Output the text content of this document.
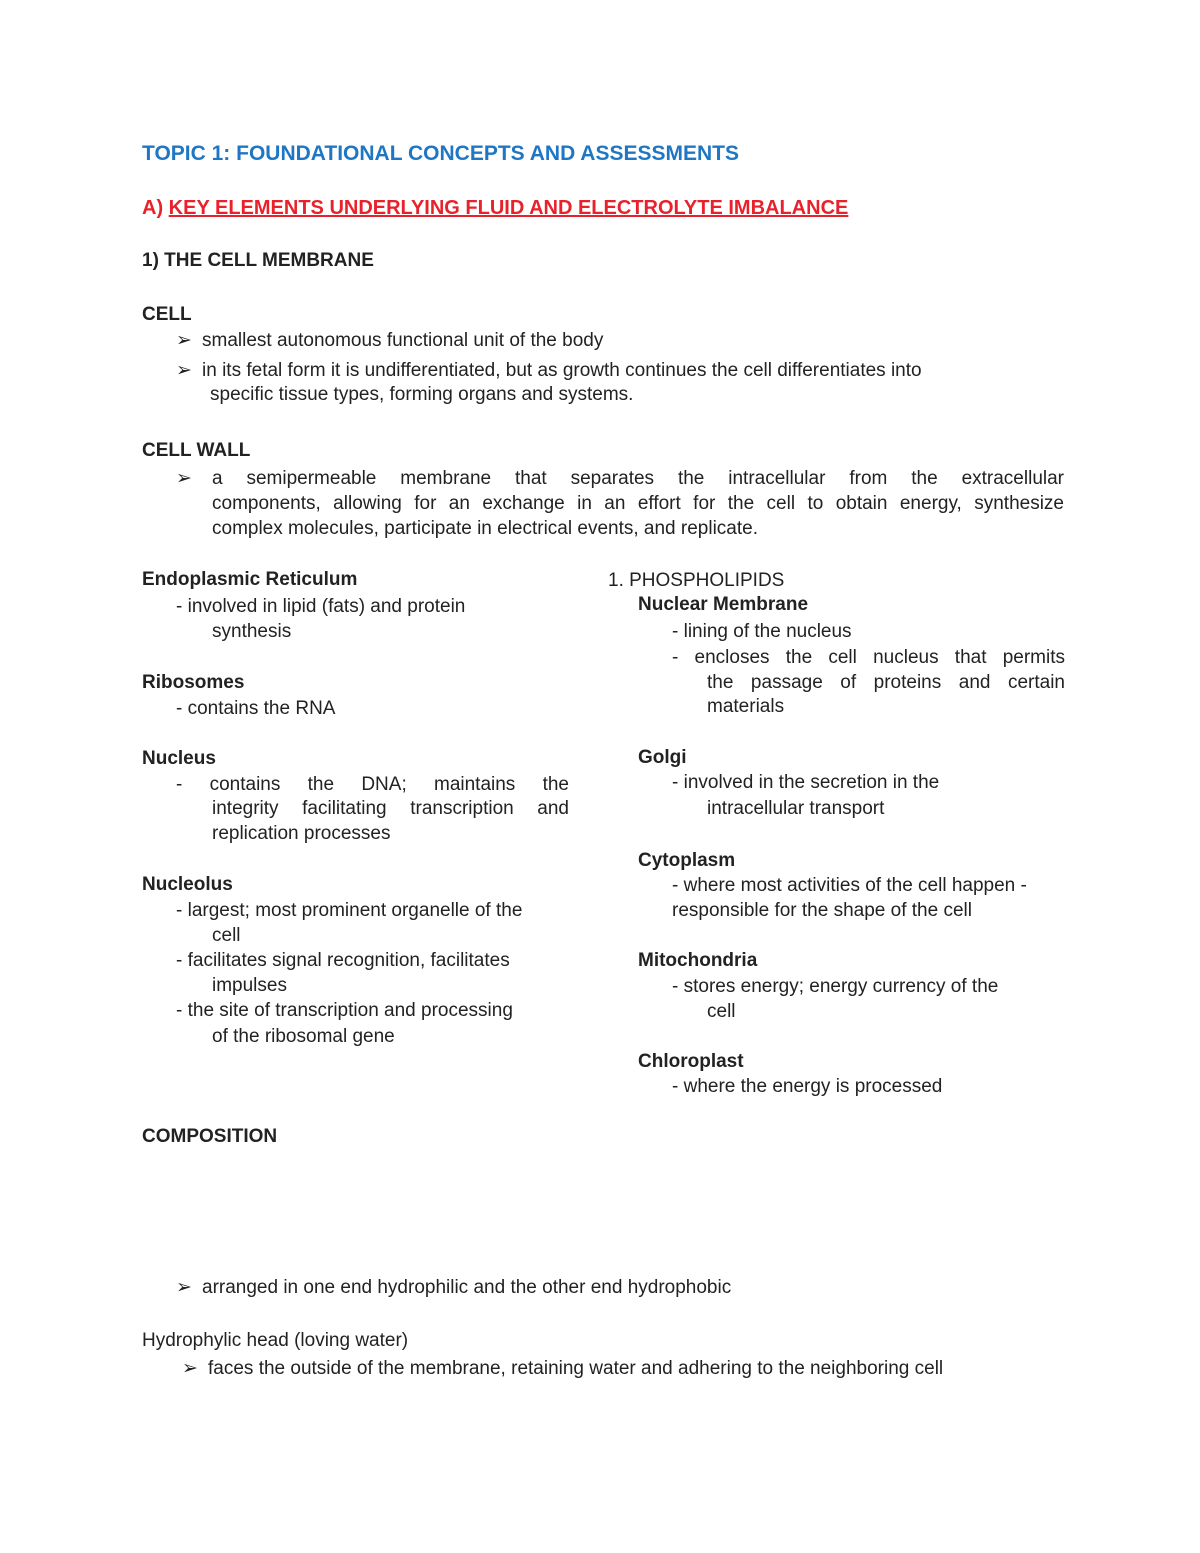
TOPIC 1: FOUNDATIONAL CONCEPTS AND ASSESSMENTS
A) KEY ELEMENTS UNDERLYING FLUID AND ELECTROLYTE IMBALANCE
1) THE CELL MEMBRANE
CELL
➢ smallest autonomous functional unit of the body
➢ in its fetal form it is undifferentiated, but as growth continues the cell differentiates into
specific tissue types, forming organs and systems.
CELL WALL
➢	a semipermeable membrane that separates the intracellular from the extracellular
components, allowing for an exchange in an effort for the cell to obtain energy, synthesize
complex molecules, participate in electrical events, and replicate.
Endoplasmic Reticulum
- involved in lipid (fats) and protein
synthesis
Ribosomes
- contains the RNA
Nucleus
- contains the DNA; maintains the
integrity facilitating transcription and
replication processes
Nucleolus
- largest; most prominent organelle of the
cell
- facilitates signal recognition, facilitates
impulses
- the site of transcription and processing
of the ribosomal gene
1. PHOSPHOLIPIDS
Nuclear Membrane
- lining of the nucleus
- encloses the cell nucleus that permits
the passage of proteins and certain
materials
Golgi
- involved in the secretion in the
intracellular transport
Cytoplasm
- where most activities of the cell happen -
responsible for the shape of the cell
Mitochondria
- stores energy; energy currency of the
cell
Chloroplast
- where the energy is processed
COMPOSITION
➢ arranged in one end hydrophilic and the other end hydrophobic
Hydrophylic head (loving water)
➢ faces the outside of the membrane, retaining water and adhering to the neighboring cell
